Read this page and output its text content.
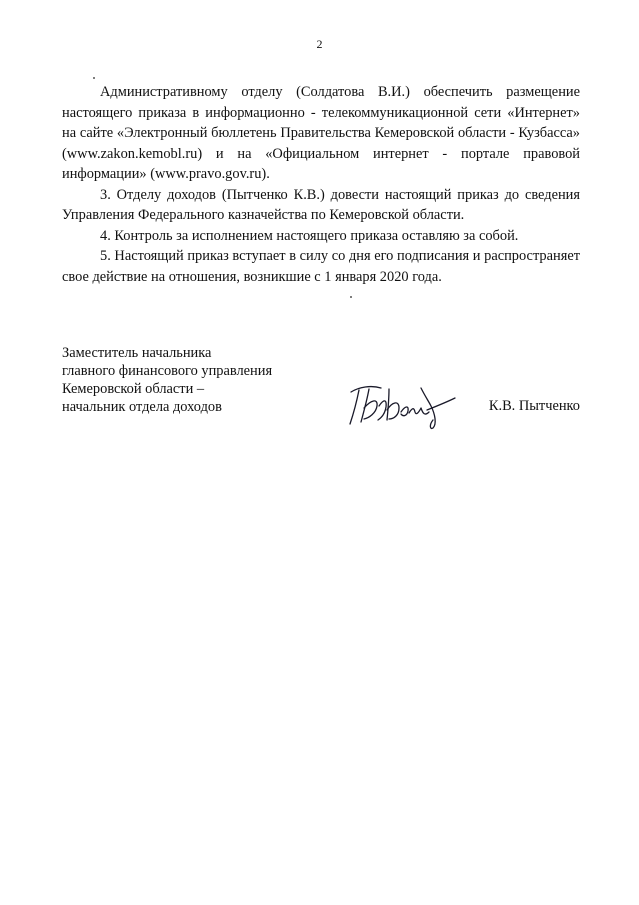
2

Административному отделу (Солдатова В.И.) обеспечить размещение настоящего приказа в информационно - телекоммуникационной сети «Интернет» на сайте «Электронный бюллетень Правительства Кемеровской области - Кузбасса» (www.zakon.kemobl.ru) и на «Официальном интернет - портале правовой информации» (www.pravo.gov.ru).

3. Отделу доходов (Пытченко К.В.) довести настоящий приказ до сведения Управления Федерального казначейства по Кемеровской области.

4. Контроль за исполнением настоящего приказа оставляю за собой.

5. Настоящий приказ вступает в силу со дня его подписания и распространяет свое действие на отношения, возникшие с 1 января 2020 года.

Заместитель начальника
главного финансового управления
Кемеровской области –
начальник отдела доходов	К.В. Пытченко
